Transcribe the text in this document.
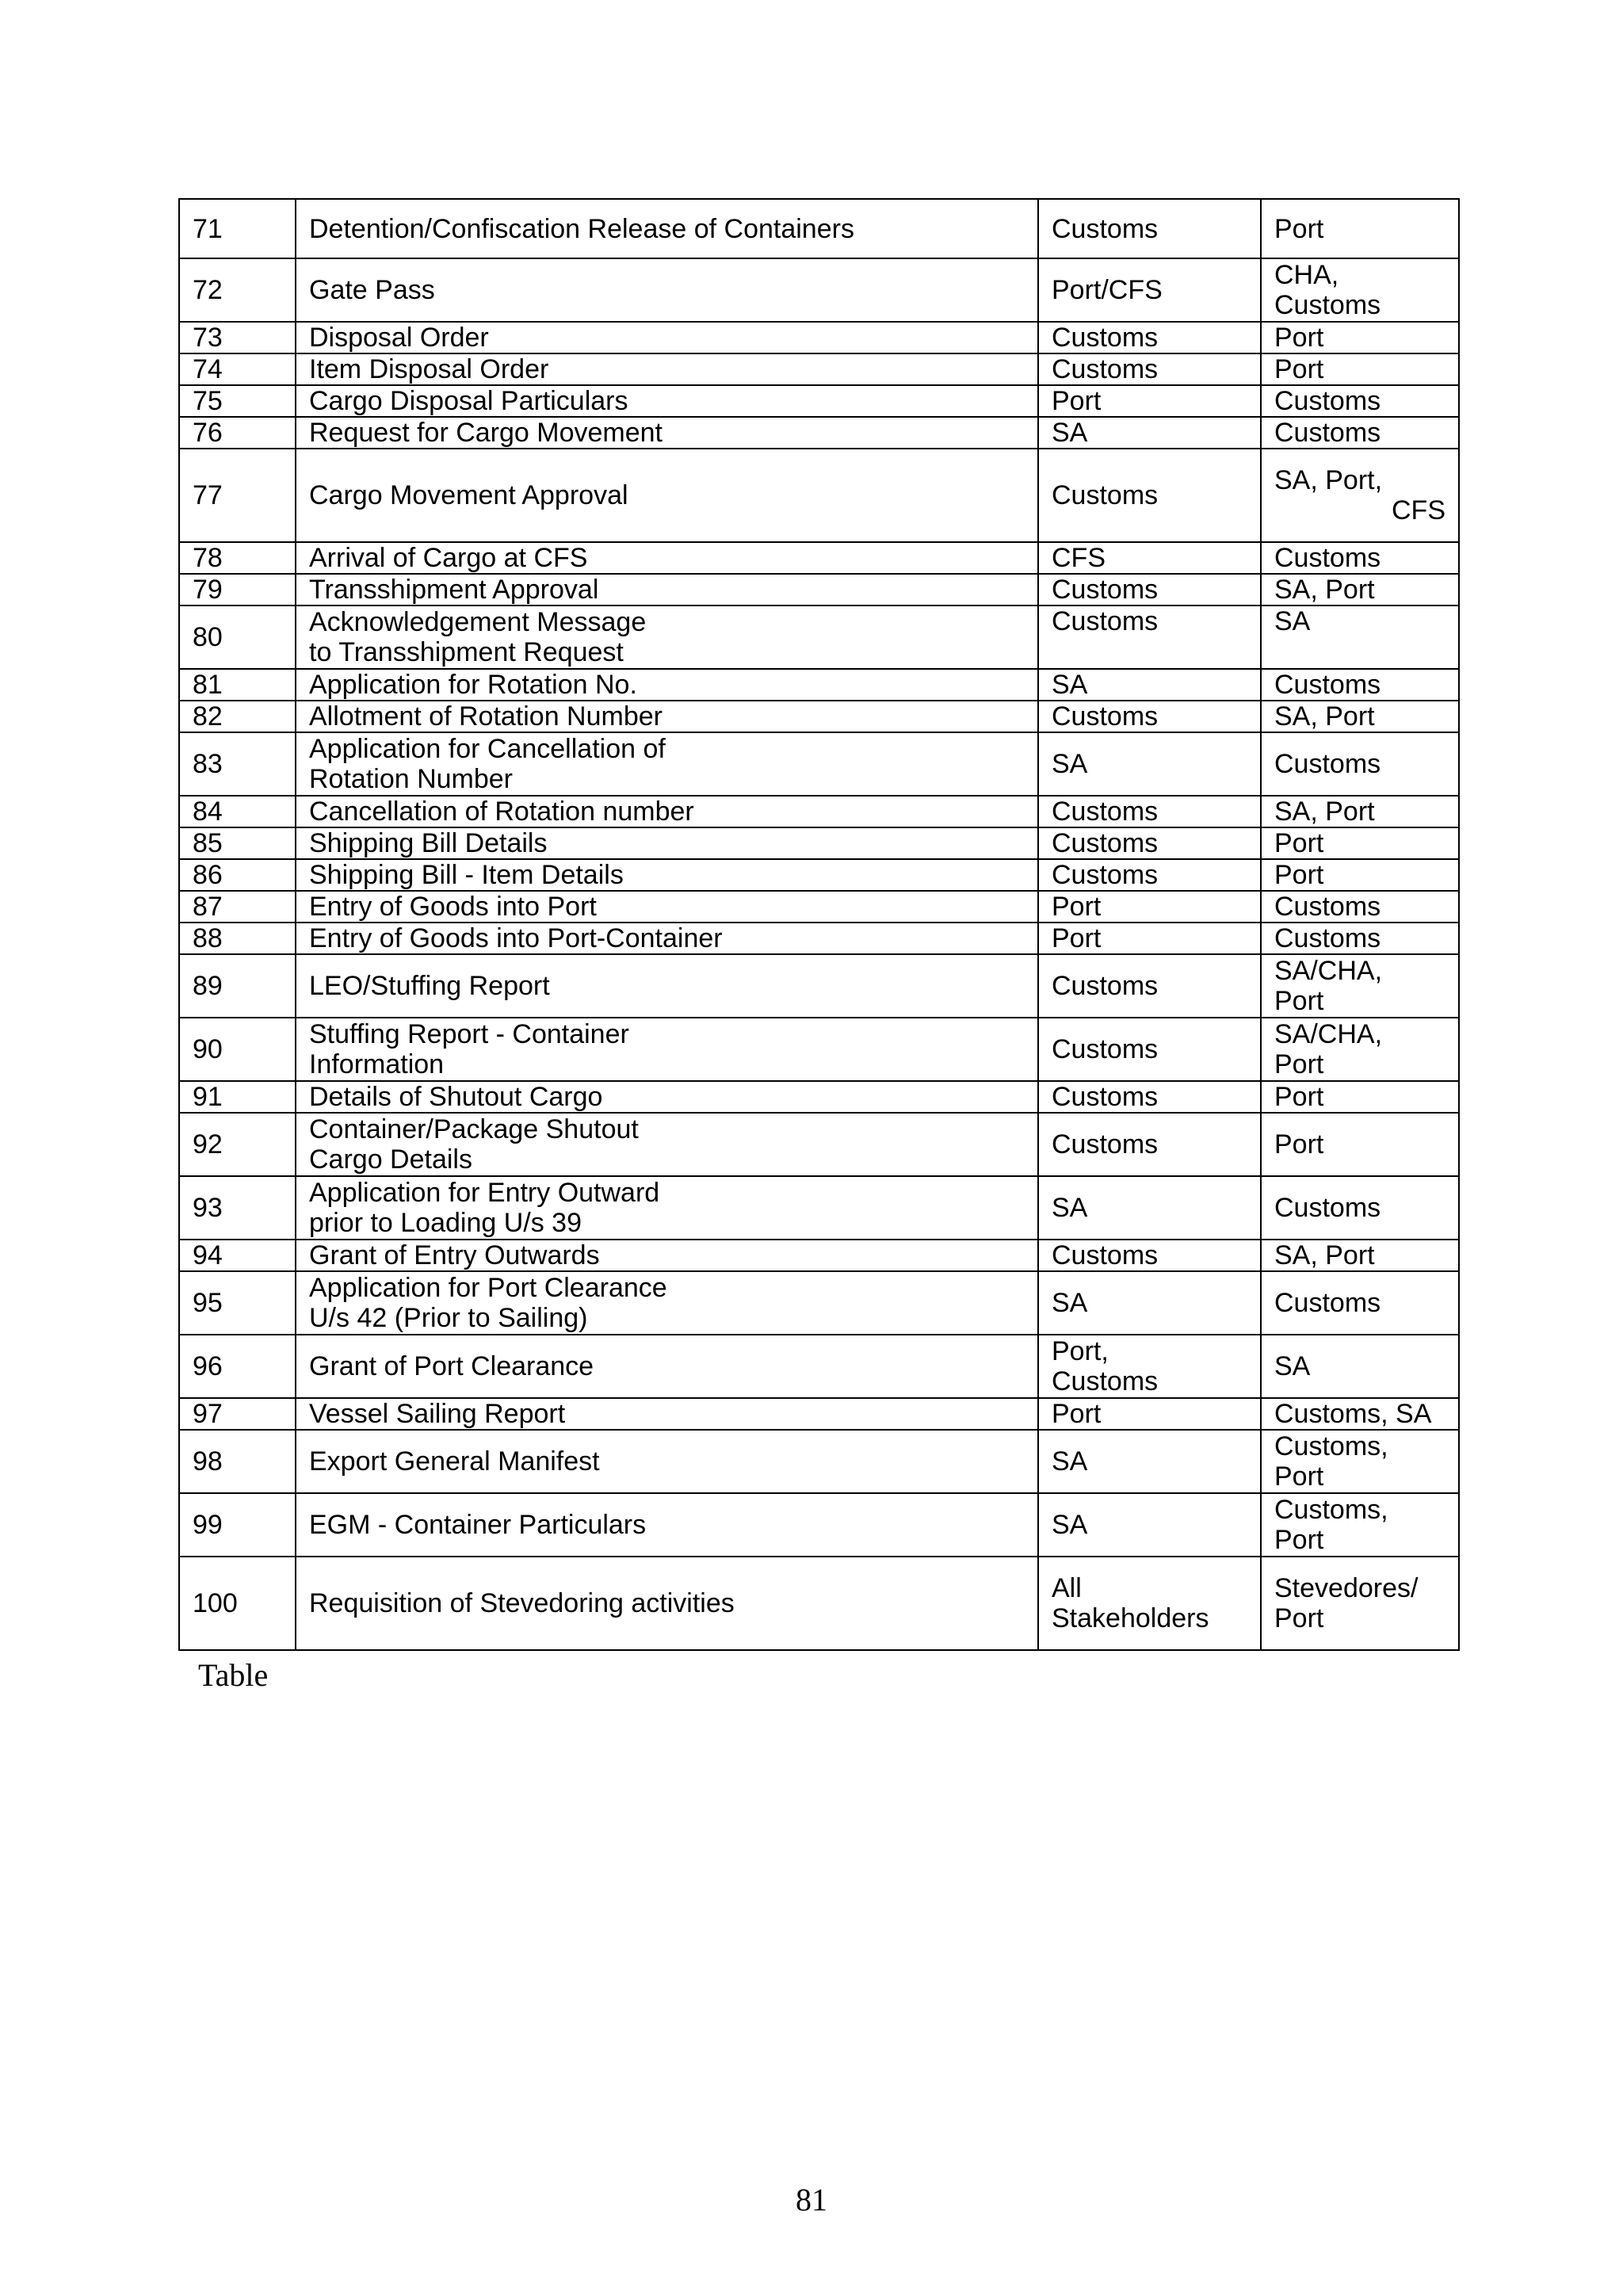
71	Detention/Confiscation Release of Containers	Customs	Port

72	Gate Pass	Port/CFS	CHA,
Customs

73	Disposal Order	Customs	Port

74	Item Disposal Order	Customs	Port

75	Cargo Disposal Particulars	Port	Customs

76	Request for Cargo Movement	SA	Customs

77	Cargo Movement Approval	Customs	SA, Port,
CFS

78	Arrival of Cargo at CFS	CFS	Customs

79	Transshipment Approval	Customs	SA, Port

80	Acknowledgement Message
to Transshipment Request	Customs	SA

81	Application for Rotation No.	SA	Customs

82	Allotment of Rotation Number	Customs	SA, Port

83	Application for Cancellation of
Rotation Number	SA	Customs

84	Cancellation of Rotation number	Customs	SA, Port

85	Shipping Bill Details	Customs	Port

86	Shipping Bill - Item Details	Customs	Port

87	Entry of Goods into Port	Port	Customs

88	Entry of Goods into Port-Container	Port	Customs

89	LEO/Stuffing Report	Customs	SA/CHA,
Port

90	Stuffing Report - Container
Information	Customs	SA/CHA,
Port

91	Details of Shutout Cargo	Customs	Port

92	Container/Package Shutout
Cargo Details	Customs	Port

93	Application for Entry Outward
prior to Loading U/s 39	SA	Customs

94	Grant of Entry Outwards	Customs	SA, Port

95	Application for Port Clearance
U/s 42 (Prior to Sailing)	SA	Customs

96	Grant of Port Clearance	Port,
Customs	SA

97	Vessel Sailing Report	Port	Customs, SA

98	Export General Manifest	SA	Customs,
Port

99	EGM - Container Particulars	SA	Customs,
Port

100	Requisition of Stevedoring activities	All
Stakeholders	Stevedores/
Port
Table
81
